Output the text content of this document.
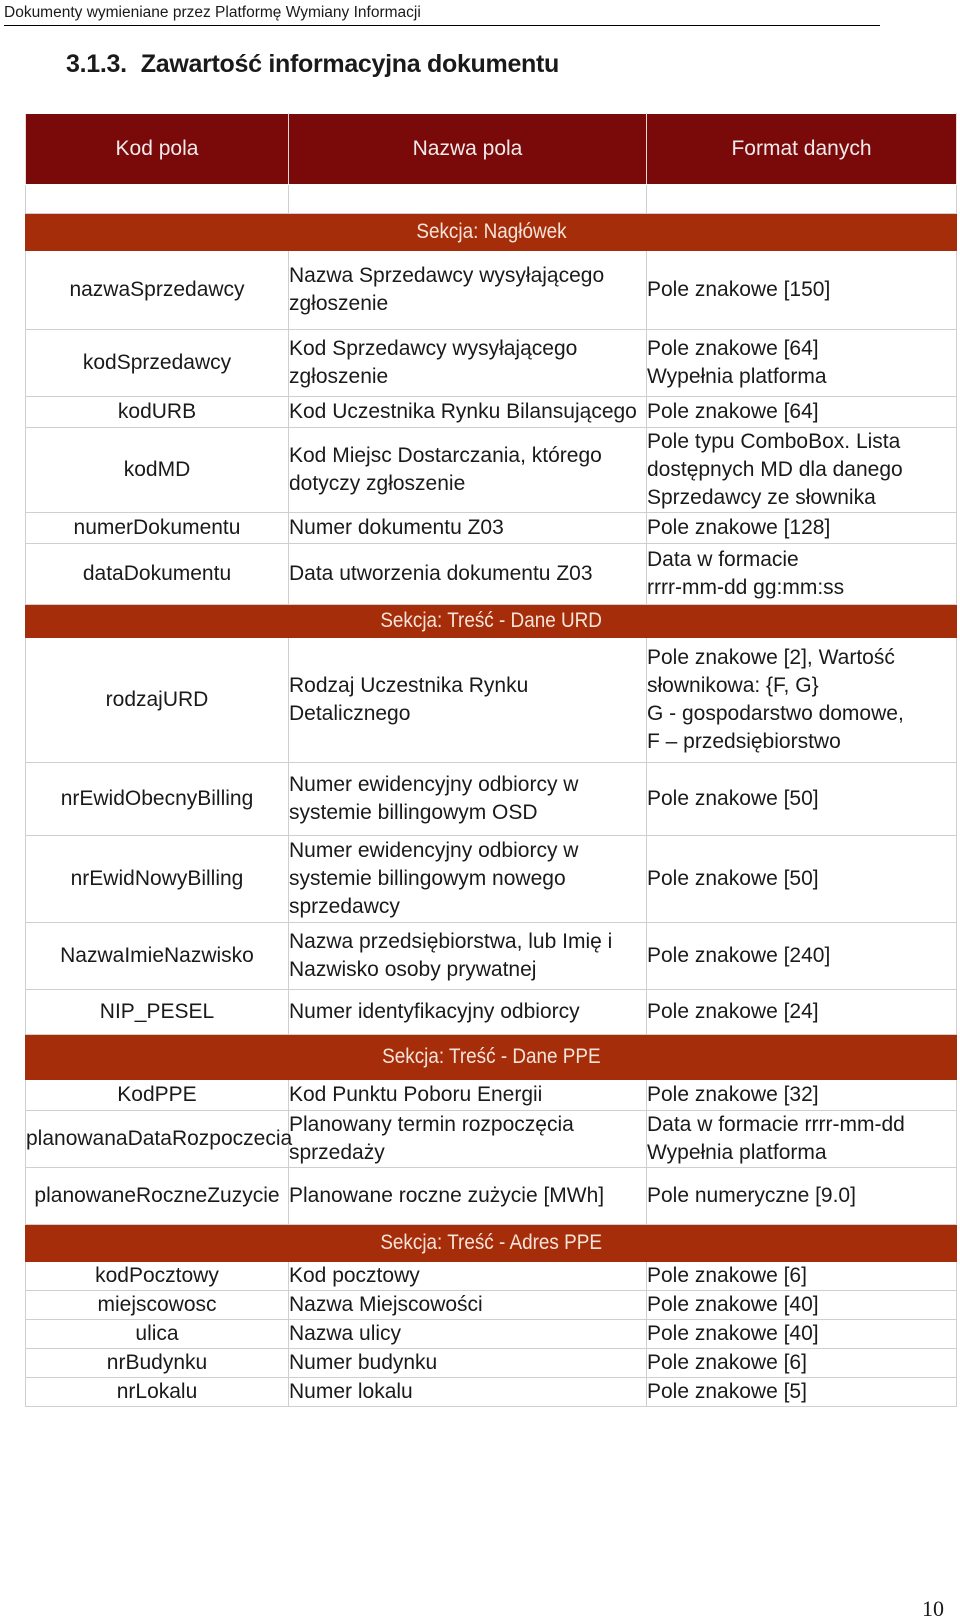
Dokumenty wymieniane przez Platformę Wymiany Informacji
3.1.3. Zawartość informacyjna dokumentu
Kod pola	Nazwa pola	Format danych

Sekcja: Nagłówek		
nazwaSprzedawcy	Nazwa Sprzedawcy wysyłającego
zgłoszenie	Pole znakowe [150]

kodSprzedawcy	Kod Sprzedawcy wysyłającego
zgłoszenie	Pole znakowe [64]
Wypełnia platforma

kodURB	Kod Uczestnika Rynku Bilansującego	Pole znakowe [64]

kodMD	Kod Miejsc Dostarczania, którego
dotyczy zgłoszenie	Pole typu ComboBox. Lista
dostępnych MD dla danego
Sprzedawcy ze słownika

numerDokumentu	Numer dokumentu Z03	Pole znakowe [128]

dataDokumentu	Data utworzenia dokumentu Z03	Data w formacie
rrrr-mm-dd gg:mm:ss

Sekcja: Treść - Dane URD		
rodzajURD	Rodzaj Uczestnika Rynku Detalicznego	Pole znakowe [2], Wartość
słownikowa: {F, G}
G - gospodarstwo domowe,
F – przedsiębiorstwo

nrEwidObecnyBilling	Numer ewidencyjny odbiorcy w
systemie billingowym OSD	Pole znakowe [50]

nrEwidNowyBilling	Numer ewidencyjny odbiorcy w
systemie billingowym nowego
sprzedawcy	Pole znakowe [50]

NazwaImieNazwisko	Nazwa przedsiębiorstwa, lub Imię i
Nazwisko osoby prywatnej	Pole znakowe [240]

NIP_PESEL	Numer identyfikacyjny odbiorcy	Pole znakowe [24]

Sekcja: Treść - Dane PPE		
KodPPE	Kod Punktu Poboru Energii	Pole znakowe [32]

planowanaDataRozpoczecia	Planowany termin rozpoczęcia
sprzedaży	Data w formacie rrrr-mm-dd
Wypełnia platforma

planowaneRoczneZuzycie	Planowane roczne zużycie [MWh]	Pole numeryczne [9.0]

Sekcja: Treść - Adres PPE		
kodPocztowy	Kod pocztowy	Pole znakowe [6]

miejscowosc	Nazwa Miejscowości	Pole znakowe [40]

ulica	Nazwa ulicy	Pole znakowe [40]

nrBudynku	Numer budynku	Pole znakowe [6]

nrLokalu	Numer lokalu	Pole znakowe [5]
10
